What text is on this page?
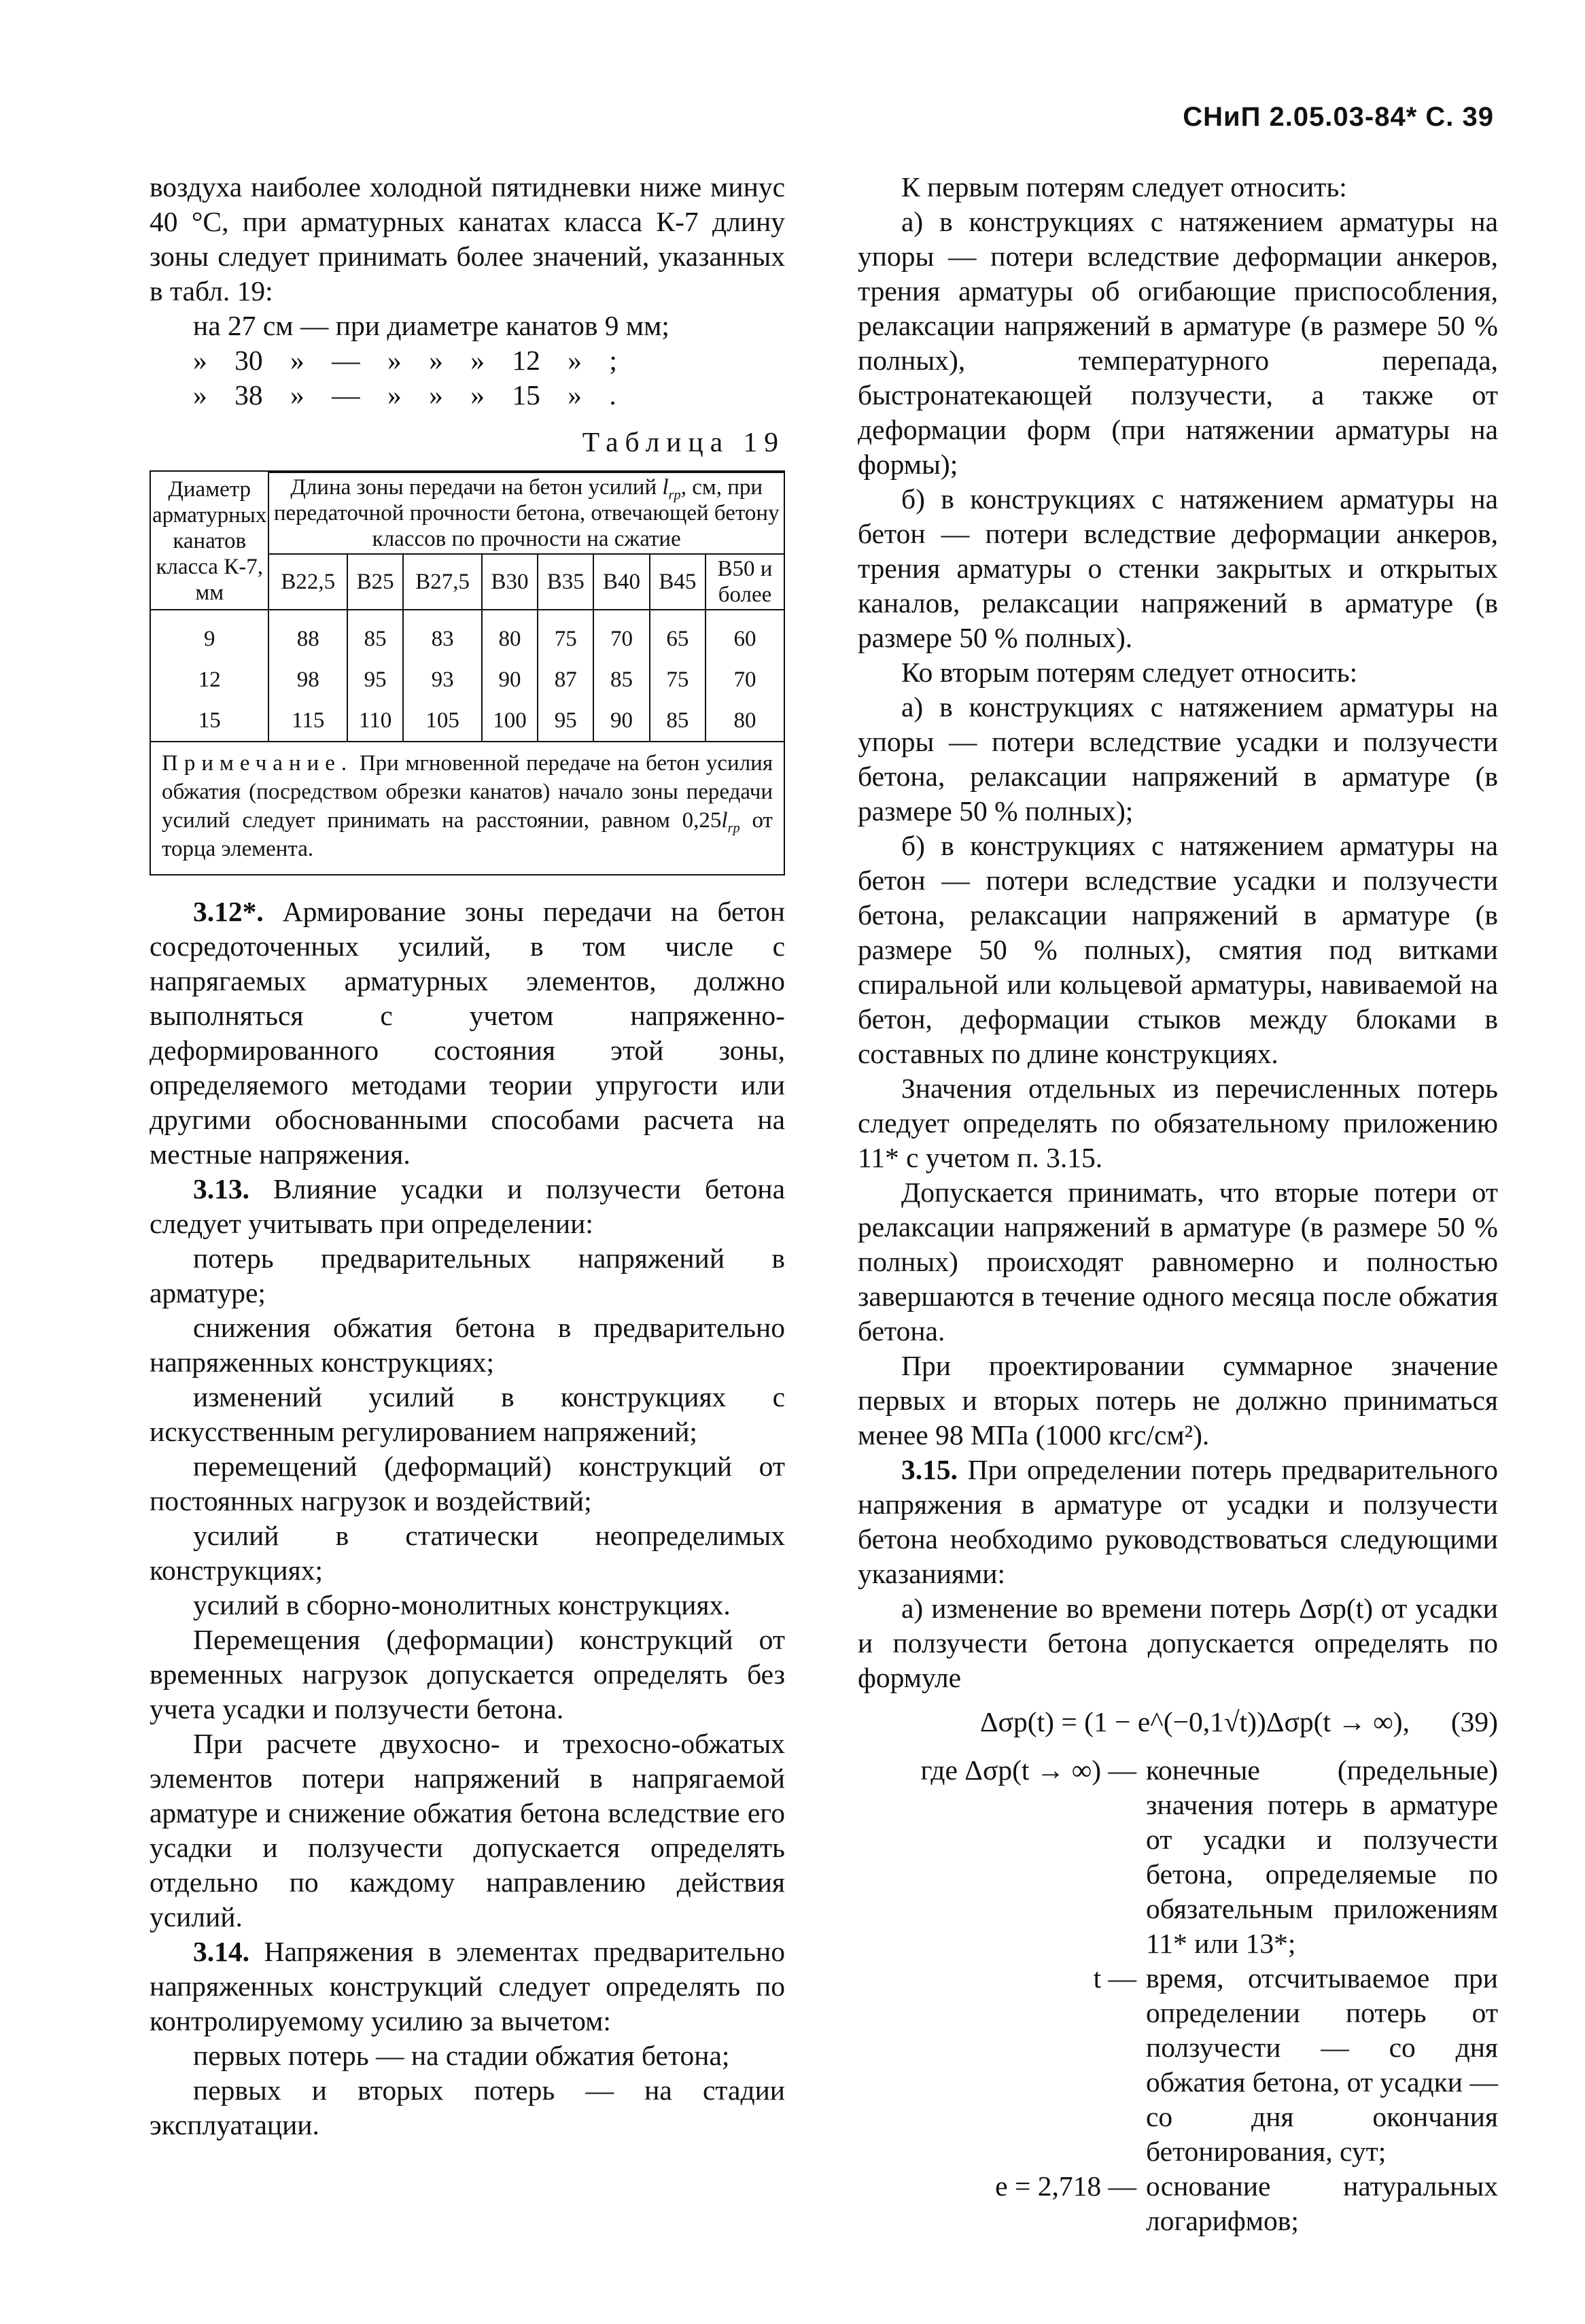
СНиП 2.05.03-84* С. 39

воздуха наиболее холодной пятидневки ниже минус 40 °С, при арматурных канатах класса К-7 длину зоны следует принимать более значений, указанных в табл. 19:

на 27 см — при диаметре канатов 9 мм;
» 30 » — » » » 12 » ;
» 38 » — » » » 15 » .
Таблица 19
Диаметр арматурных канатов класса К-7, мм	Длина зоны передачи на бетон усилий $l_{rp}$, см, при передаточной прочности бетона, отвечающей бетону классов по прочности на сжатие							
	B22,5	B25	B27,5	B30	B35	B40	B45	B50 и более
9	88	85	83	80	75	70	65	60
12	98	95	93	90	87	85	75	70
15	115	110	105	100	95	90	85	80
Примечание. При мгновенной передаче на бетон усилия обжатия (посредством обрезки канатов) начало зоны передачи усилий следует принимать на расстоянии, равном $0,25l_{rp}$ от торца элемента.

3.12*. Армирование зоны передачи на бетон сосредоточенных усилий, в том числе с напрягаемых арматурных элементов, должно выполняться с учетом напряженно-деформированного состояния этой зоны, определяемого методами теории упругости или другими обоснованными способами расчета на местные напряжения.

3.13. Влияние усадки и ползучести бетона следует учитывать при определении:

потерь предварительных напряжений в арматуре;

снижения обжатия бетона в предварительно напряженных конструкциях;

изменений усилий в конструкциях с искусственным регулированием напряжений;

перемещений (деформаций) конструкций от постоянных нагрузок и воздействий;

усилий в статически неопределимых конструкциях;

усилий в сборно-монолитных конструкциях.

Перемещения (деформации) конструкций от временных нагрузок допускается определять без учета усадки и ползучести бетона.

При расчете двухосно- и трехосно-обжатых элементов потери напряжений в напрягаемой арматуре и снижение обжатия бетона вследствие его усадки и ползучести допускается определять отдельно по каждому направлению действия усилий.

3.14. Напряжения в элементах предварительно напряженных конструкций следует определять по контролируемому усилию за вычетом:

первых потерь — на стадии обжатия бетона;

первых и вторых потерь — на стадии эксплуатации.

К первым потерям следует относить:

а) в конструкциях с натяжением арматуры на упоры — потери вследствие деформации анкеров, трения арматуры об огибающие приспособления, релаксации напряжений в арматуре (в размере 50 % полных), температурного перепада, быстронатекающей ползучести, а также от деформации форм (при натяжении арматуры на формы);

б) в конструкциях с натяжением арматуры на бетон — потери вследствие деформации анкеров, трения арматуры о стенки закрытых и открытых каналов, релаксации напряжений в арматуре (в размере 50 % полных).

Ко вторым потерям следует относить:

а) в конструкциях с натяжением арматуры на упоры — потери вследствие усадки и ползучести бетона, релаксации напряжений в арматуре (в размере 50 % полных);

б) в конструкциях с натяжением арматуры на бетон — потери вследствие усадки и ползучести бетона, релаксации напряжений в арматуре (в размере 50 % полных), смятия под витками спиральной или кольцевой арматуры, навиваемой на бетон, деформации стыков между блоками в составных по длине конструкциях.

Значения отдельных из перечисленных потерь следует определять по обязательному приложению 11* с учетом п. 3.15.

Допускается принимать, что вторые потери от релаксации напряжений в арматуре (в размере 50 % полных) происходят равномерно и полностью завершаются в течение одного месяца после обжатия бетона.

При проектировании суммарное значение первых и вторых потерь не должно приниматься менее 98 МПа (1000 кгс/см²).

3.15. При определении потерь предварительного напряжения в арматуре от усадки и ползучести бетона необходимо руководствоваться следующими указаниями:

а) изменение во времени потерь Δσp(t) от усадки и ползучести бетона допускается определять по формуле

Δσp(t) = (1 − e^(−0,1√t))Δσp(t → ∞), (39)
где Δσp(t → ∞) — конечные (предельные) значения потерь в арматуре от усадки и ползучести бетона, определяемые по обязательным приложениям 11* или 13*;
t — время, отсчитываемое при определении потерь от ползучести — со дня обжатия бетона, от усадки — со дня окончания бетонирования, сут;
e = 2,718 — основание натуральных логарифмов;
